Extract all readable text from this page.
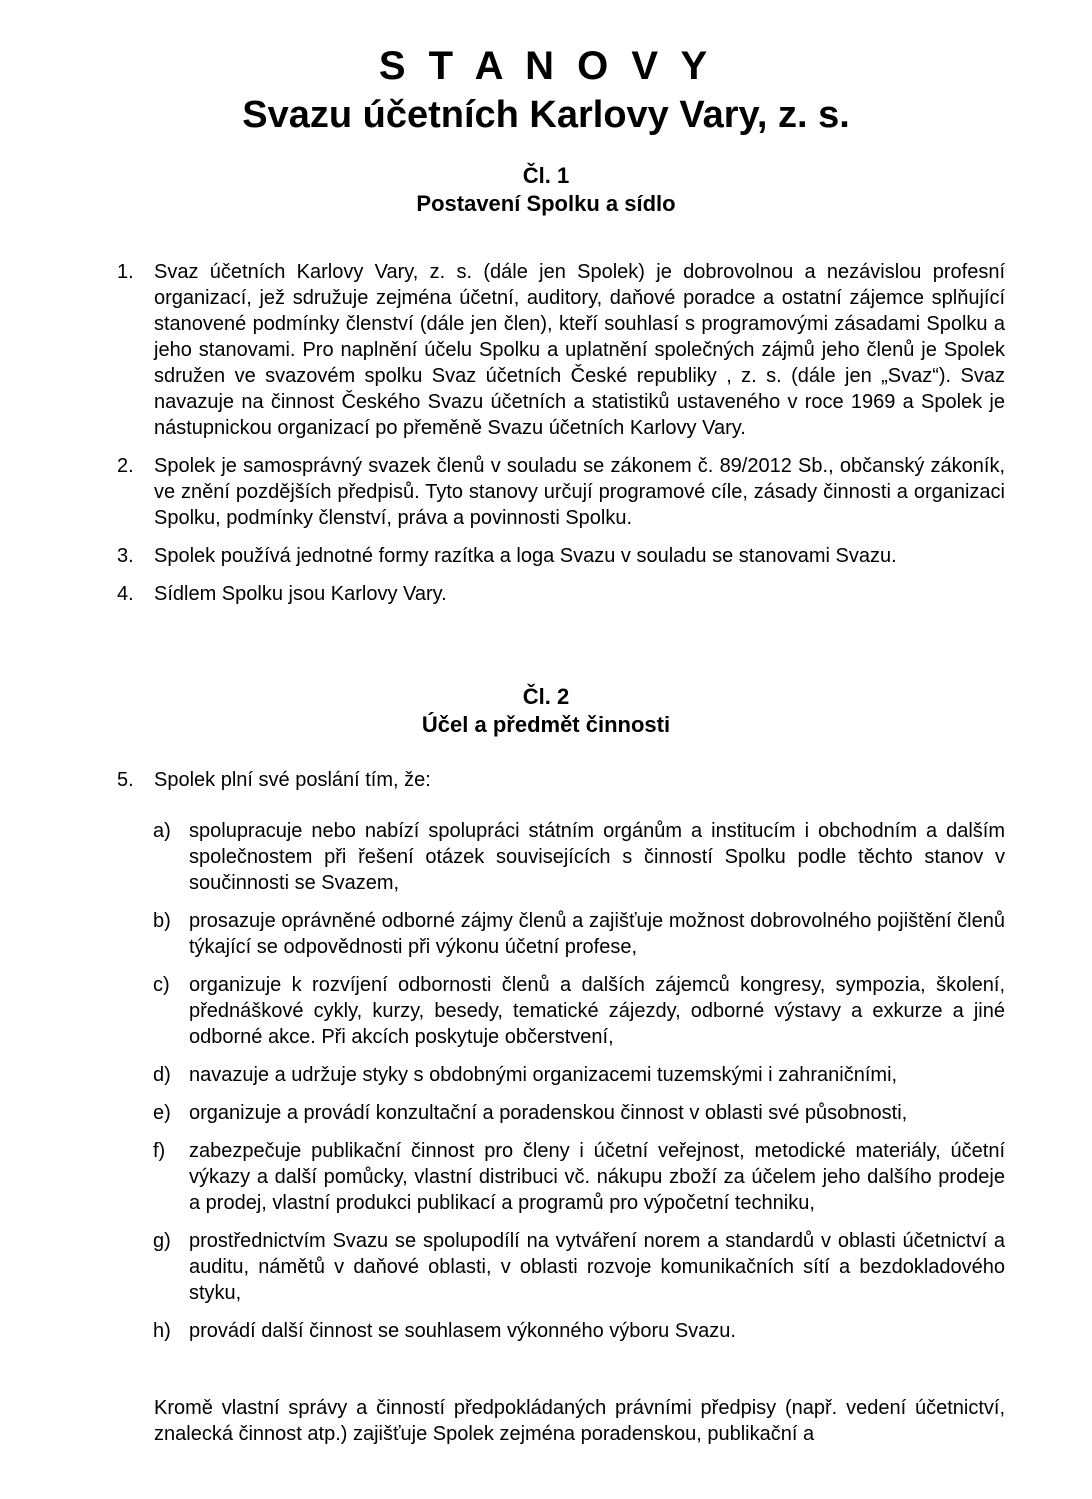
S T A N O V Y
Svazu účetních Karlovy Vary, z. s.
Čl. 1
Postavení Spolku a sídlo
1. Svaz účetních Karlovy Vary, z. s. (dále jen Spolek) je dobrovolnou a nezávislou profesní organizací, jež sdružuje zejména účetní, auditory, daňové poradce a ostatní zájemce splňující stanovené podmínky členství (dále jen člen), kteří souhlasí s programovými zásadami Spolku a jeho stanovami. Pro naplnění účelu Spolku a uplatnění společných zájmů jeho členů je Spolek sdružen ve svazovém spolku Svaz účetních České republiky , z. s. (dále jen „Svaz“). Svaz navazuje na činnost Českého Svazu účetních a statistiků ustaveného v roce 1969 a Spolek je nástupnickou organizací po přeměně Svazu účetních Karlovy Vary.
2. Spolek je samosprávný svazek členů v souladu se zákonem č. 89/2012 Sb., občanský zákoník, ve znění pozdějších předpisů. Tyto stanovy určují programové cíle, zásady činnosti a organizaci Spolku, podmínky členství, práva a povinnosti Spolku.
3. Spolek používá jednotné formy razítka a loga Svazu v souladu se stanovami Svazu.
4. Sídlem Spolku jsou Karlovy Vary.
Čl. 2
Účel a předmět činnosti
5. Spolek plní své poslání tím, že:
a) spolupracuje nebo nabízí spolupráci státním orgánům a institucím i obchodním a dalším společnostem při řešení otázek souvisejících s činností Spolku podle těchto stanov v součinnosti se Svazem,
b) prosazuje oprávněné odborné zájmy členů a zajišťuje možnost dobrovolného pojištění členů týkající se odpovědnosti při výkonu účetní profese,
c) organizuje k rozvíjení odbornosti členů a dalších zájemců kongresy, sympozia, školení, přednáškové cykly, kurzy, besedy, tematické zájezdy, odborné výstavy a exkurze a jiné odborné akce. Při akcích poskytuje občerstvení,
d) navazuje a udržuje styky s obdobnými organizacemi tuzemskými i zahraničními,
e) organizuje a provádí konzultační a poradenskou činnost v oblasti své působnosti,
f) zabezpečuje publikační činnost pro členy i účetní veřejnost, metodické materiály, účetní výkazy a další pomůcky, vlastní distribuci vč. nákupu zboží za účelem jeho dalšího prodeje a prodej, vlastní produkci publikací a programů pro výpočetní techniku,
g) prostřednictvím Svazu se spolupodílí na vytváření norem a standardů v oblasti účetnictví a auditu, námětů v daňové oblasti, v oblasti rozvoje komunikačních sítí a bezdokladového styku,
h) provádí další činnost se souhlasem výkonného výboru Svazu.
Kromě vlastní správy a činností předpokládaných právními předpisy (např. vedení účetnictví, znalecká činnost atp.) zajišťuje Spolek zejména poradenskou, publikační a
